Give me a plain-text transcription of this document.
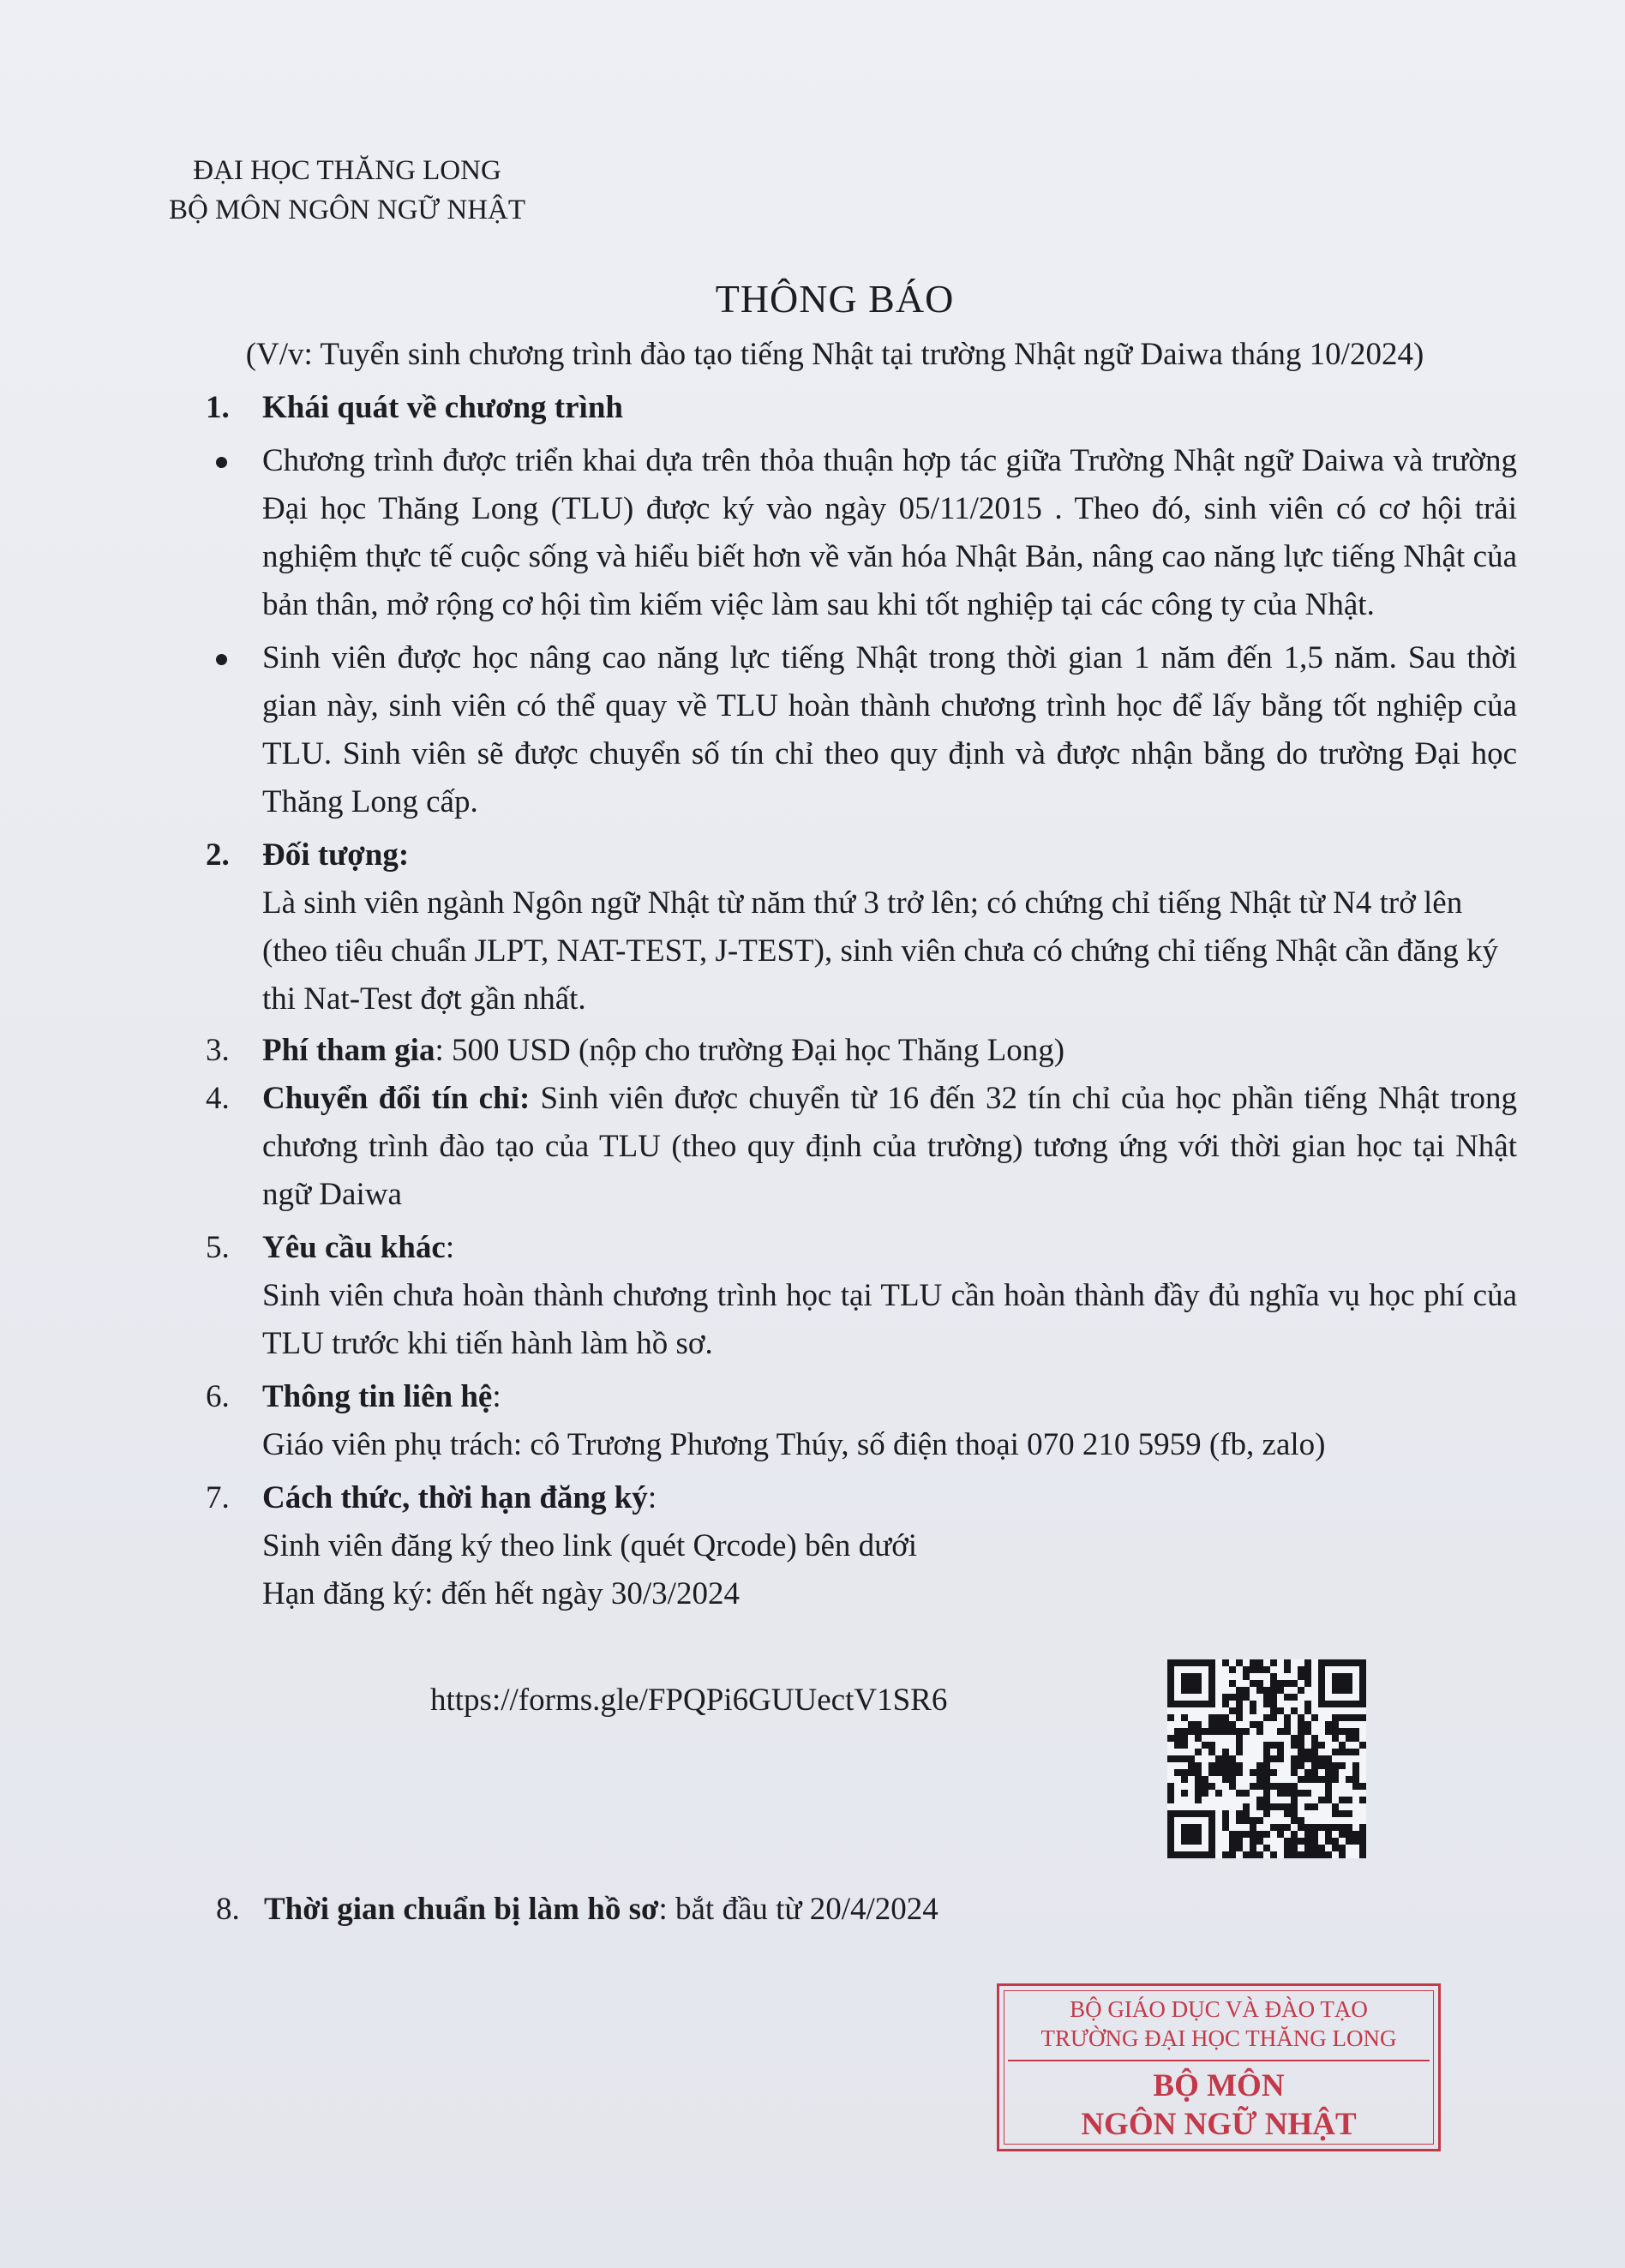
ĐẠI HỌC THĂNG LONG
BỘ MÔN NGÔN NGỮ NHẬT
THÔNG BÁO
(V/v: Tuyển sinh chương trình đào tạo tiếng Nhật tại trường Nhật ngữ Daiwa tháng 10/2024)
1.	Khái quát về chương trình
Chương trình được triển khai dựa trên thỏa thuận hợp tác giữa Trường Nhật ngữ Daiwa và trường Đại học Thăng Long (TLU) được ký vào ngày 05/11/2015 . Theo đó, sinh viên có cơ hội trải nghiệm thực tế cuộc sống và hiểu biết hơn về văn hóa Nhật Bản, nâng cao năng lực tiếng Nhật của bản thân, mở rộng cơ hội tìm kiếm việc làm sau khi tốt nghiệp tại các công ty của Nhật.
Sinh viên được học nâng cao năng lực tiếng Nhật trong thời gian 1 năm đến 1,5 năm. Sau thời gian này, sinh viên có thể quay về TLU hoàn thành chương trình học để lấy bằng tốt nghiệp của TLU. Sinh viên sẽ được chuyển số tín chỉ theo quy định và được nhận bằng do trường Đại học Thăng Long cấp.
2.	Đối tượng:
Là sinh viên ngành Ngôn ngữ Nhật từ năm thứ 3 trở lên; có chứng chỉ tiếng Nhật từ N4 trở lên (theo tiêu chuẩn JLPT, NAT-TEST, J-TEST), sinh viên chưa có chứng chỉ tiếng Nhật cần đăng ký thi Nat-Test đợt gần nhất.
3.	Phí tham gia: 500 USD (nộp cho trường Đại học Thăng Long)
4.	Chuyển đổi tín chỉ: Sinh viên được chuyển từ 16 đến 32 tín chỉ của học phần tiếng Nhật trong chương trình đào tạo của TLU (theo quy định của trường) tương ứng với thời gian học tại Nhật ngữ Daiwa
5.	Yêu cầu khác:
Sinh viên chưa hoàn thành chương trình học tại TLU cần hoàn thành đầy đủ nghĩa vụ học phí của TLU trước khi tiến hành làm hồ sơ.
6.	Thông tin liên hệ:
Giáo viên phụ trách: cô Trương Phương Thúy, số điện thoại 070 210 5959 (fb, zalo)
7.	Cách thức, thời hạn đăng ký:
Sinh viên đăng ký theo link (quét Qrcode) bên dưới
Hạn đăng ký: đến hết ngày 30/3/2024
https://forms.gle/FPQPi6GUUectV1SR6
8. Thời gian chuẩn bị làm hồ sơ: bắt đầu từ 20/4/2024
BỘ GIÁO DỤC VÀ ĐÀO TẠO
TRƯỜNG ĐẠI HỌC THĂNG LONG
BỘ MÔN
NGÔN NGỮ NHẬT
